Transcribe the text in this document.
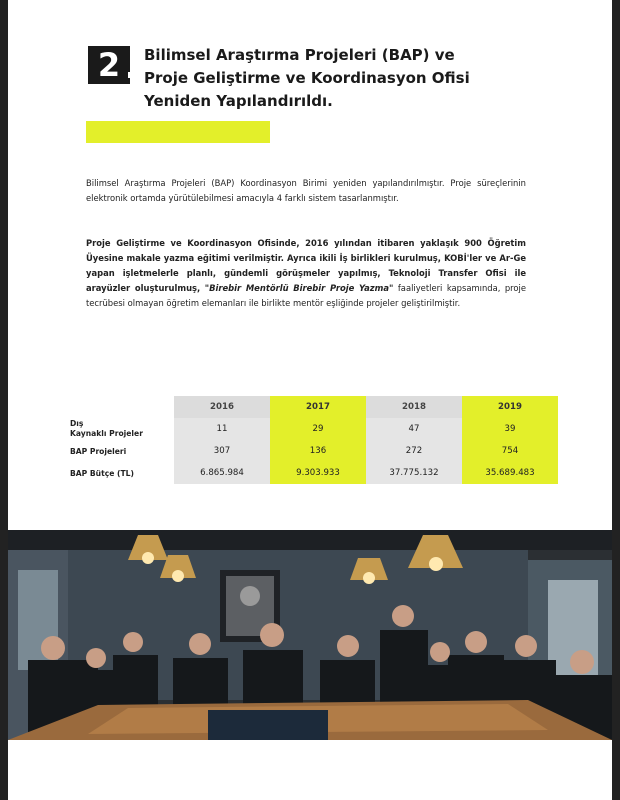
2	Bilimsel Araştırma Projeleri (BAP) ve
Proje Geliştirme ve Koordinasyon Ofisi
Yeniden Yapılandırıldı.
Bilimsel Araştırma Projeleri (BAP) Koordinasyon Birimi yeniden yapılandırılmıştır. Proje süreçlerinin elektronik ortamda yürütülebilmesi amacıyla 4 farklı sistem tasarlanmıştır.
Proje Geliştirme ve Koordinasyon Ofisinde, 2016 yılından itibaren yaklaşık 900 Öğretim Üyesine makale yazma eğitimi verilmiştir. Ayrıca ikili İş birlikleri kurulmuş, KOBİ'ler ve Ar-Ge yapan işletmelerle planlı, gündemli görüşmeler yapılmış, Teknoloji Transfer Ofisi ile arayüzler oluşturulmuş, "Birebir Mentörlü Birebir Proje Yazma" faaliyetleri kapsamında, proje tecrübesi olmayan öğretim elemanları ile birlikte mentör eşliğinde projeler geliştirilmiştir.
	2016	2017	2018	2019

Dış
Kaynaklı Projeler	11	29	47	39
BAP Projeleri	307	136	272	754
BAP Bütçe (TL)	6.865.984	9.303.933	37.775.132	35.689.483
